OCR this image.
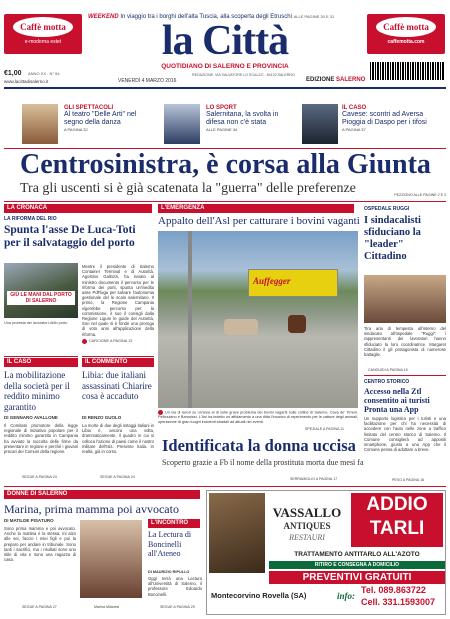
Caffè motta
e-moderna estet
Caffè motta
caffemotta.com
WEEKEND In viaggio tra i borghi dell'alta Tuscia, alla scoperta degli Etruschi ALLE PAGINE 30 E 31
la Città
QUOTIDIANO DI SALERNO E PROVINCIA
€1,00 ANNO XX - N° 54
www.lacittadisalerno.it	VENERDÌ 4 MARZO 2016
REDAZIONE: VIA SALVATORE LO SCALZO - 84122 SALERNO
EDIZIONE SALERNO
GLI SPETTACOLI
Al teatro "Delle Arti" nel segno della danza
A PAGINA 32
LO SPORT
Salernitana, la svolta in difesa non c'è stata
ALLE PAGINE 34
IL CASO
Cavese: scontri ad Aversa Pioggia di Daspo per i tifosi
A PAGINA 37
Centrosinistra, è corsa alla Giunta
Tra gli uscenti si è già scatenata la "guerra" delle preferenze	PEZZIGNO ALLE PAGINE 2 E 3
LA CRONACA
LA RIFORMA DEL RIO
Spunta l'asse De Luca-Toti per il salvataggio del porto
GIÙ LE MANI DAL PORTO DI SALERNO
Una protesta dei lavoratori dello porto
Mentre il presidente di Salerno Container Terminal e di Autorità, Agostino Gallozzi, ha inviato al ministro documento il percorso per le riforma dei porti, spunta un'inedita asse PdFlaga per salvare l'autonomia gestionale del le scalo salernitano. Il primo, la Regione Campania vigerebbe percorso per la commissione, il suo il consigli dalla Regione Ligure le guide del Autorità, Son nel quale si è fonde una proroga di voto anni all'applicazione della riforma.
CARCIONE A PAGINA 13
L'EMERGENZA
Appalto dell'Asl per catturare i bovini vaganti
Auffegger
Un via di lavori su un'area al di sulle grave problema dei bovini vaganti sulle colline di Salerno, Cava de' Tirreni, Pellezzano e Baronissi. L'Asl ha indetto un affidamento a una ditta l'incarico di reperimento per le catture degli animali, operazione di gran luoghi incidenti stradali ad attuali nei eventi.
SPEZIALE A PAGINA 11
OSPEDALE RUGGI
I sindacalisti sfiduciano la "leader" Cittadino
Tira aria di tempesta all'interno del sindacato all'ospedale "Ruggi": i rappresentanti dei lavoratori hanno sfiduciato la loro coordinatrice. Margaret Cittadino il gli protagonista di numerose battaglie.
CANGUIDI A PAGINA 15
CENTRO STORICO
Accesso nella Ztl consentito ai turisti Pronta una App
Un supporto logistico per i turisti e una facilitazione per chi ha necessità di accedere con l'auto nelle zone a traffico limitato del centro storico di Salerno. Il Comune consiglierà ad appositi smartphone, giusto a una App che il Comune pensa di adottare a breve.
PESO A PAGINA 16
IL CASO
La mobilitazione della società per il reddito minimo garantito
DI GENNARO AVALLONE
Il Comitato promotore della legge regionale di iniziativa popolare per il reddito minimo garantito in Campania ha avviato la raccolta delle firme da presentare in regione e perché i giovani precari dei Comuni della regione.
SEGUE A PAGINA 24
IL COMMENTO
Libia: due italiani assassinati Chiarire cosa è accaduto
DI RENZO GUOLO
La morte di due degli ostaggi italiani in Libia è, ancora una volta, drammaticamente, il quadro in cui si colloca l'azione di paesi come il nostro militare dell'Isis. Presente Italia. In realtà, già in corso.
SEGUE A PAGINA 24
Identificata la donna uccisa
Scoperto grazie a Fb il nome della prostituta morta due mesi fa
SERRAMIGLIO A PAGINA 17
DONNE DI SALERNO
Marina, prima mamma poi avvocato
DI MATILDE PISATURO
Sono prima mamma e poi avvocato. Anche la mattina è la stessa: mi alzo alle sei, faccio i miei figli e poi la preparo per andare in tribunale. Sono tanti i sacrifici, ma i risultati sono uno stile di vita e sono una ragazza di casa.
Marina Milanesi
SEGUE A PAGINA 27
L'INCONTRO
La Lectura di Boncinelli all'Ateneo
DI MAURIZIO RIPULLO
Oggi terrà una Lectura all'Università di Salerno, il professore Edoardo Boncinelli.
SEGUE A PAGINA 29
VASSALLO
ANTIQUES
RESTAURI
ADDIO
TARLI
TRATTAMENTO ANTITARLO ALL'AZOTO
RITIRO E CONSEGNA A DOMICILIO
PREVENTIVI GRATUITI
Montecorvino Rovella (SA)	info:
Tel. 089.863722
Cell. 331.1593007
